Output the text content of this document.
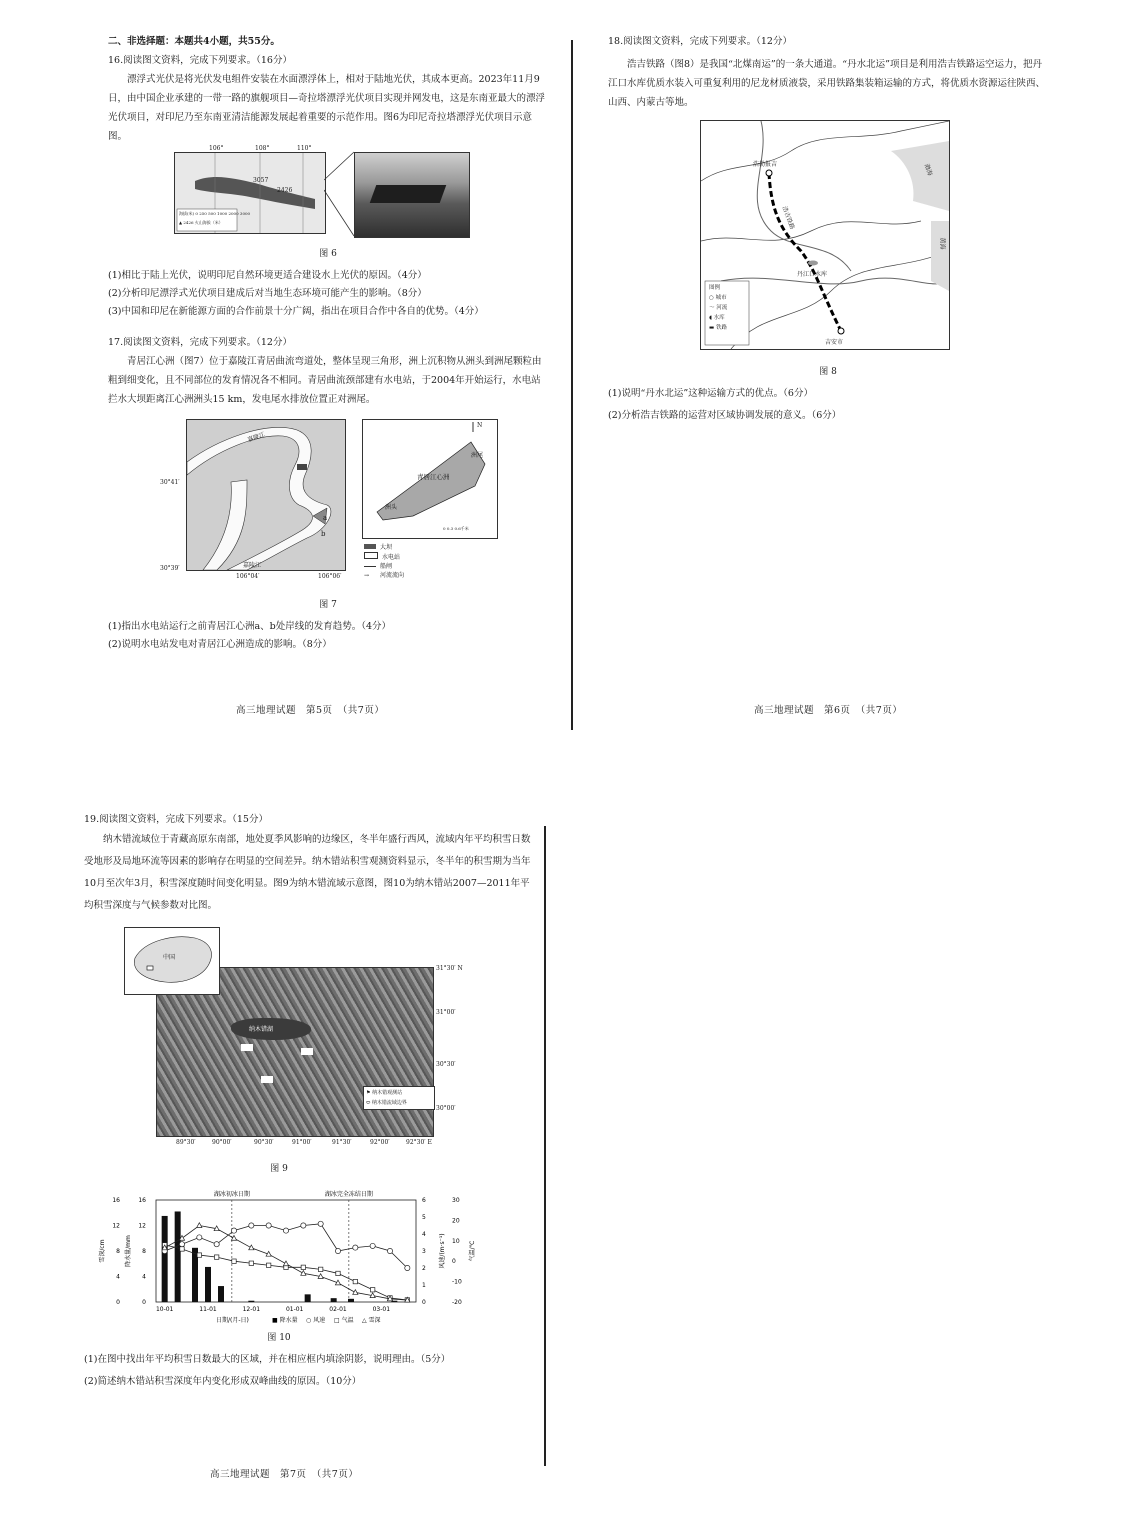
二、非选择题：本题共4小题，共55分。

16.阅读图文资料，完成下列要求。（16分）

漂浮式光伏是将光伏发电组件安装在水面漂浮体上，相对于陆地光伏，其成本更高。2023年11月9日，由中国企业承建的一带一路的旗舰项目—奇拉塔漂浮光伏项目实现并网发电，这是东南亚最大的漂浮光伏项目，对印尼乃至东南亚清洁能源发展起着重要的示范作用。图6为印尼奇拉塔漂浮光伏项目示意图。

106°	108°	110°
3057
2426
海拔(米) 0 250 500 1000 2000 3000
▲ 2426 火山海拔（米）

图 6

(1)相比于陆上光伏，说明印尼自然环境更适合建设水上光伏的原因。（4分）

(2)分析印尼漂浮式光伏项目建成后对当地生态环境可能产生的影响。（8分）

(3)中国和印尼在新能源方面的合作前景十分广阔，指出在项目合作中各自的优势。（4分）

17.阅读图文资料，完成下列要求。（12分）

青居江心洲（图7）位于嘉陵江青居曲流弯道处，整体呈现三角形，洲上沉积物从洲头到洲尾颗粒由粗到细变化，且不同部位的发育情况各不相同。青居曲流颈部建有水电站，于2004年开始运行，水电站拦水大坝距离江心洲洲头15 km，发电尾水排放位置正对洲尾。

嘉陵江
嘉陵江
a
b
30°41′
30°39′
106°04′	106°06′
青居江心洲
洲头
洲尾
N
0 0.3 0.6千米
大坝
水电站
船闸
→ 河流流向

图 7

(1)指出水电站运行之前青居江心洲a、b处岸线的发育趋势。（4分）

(2)说明水电站发电对青居江心洲造成的影响。（8分）

高三地理试题　第5页　（共7页）

18.阅读图文资料，完成下列要求。（12分）

浩吉铁路（图8）是我国“北煤南运”的一条大通道。“丹水北运”项目是利用浩吉铁路运空运力，把丹江口水库优质水装入可重复利用的尼龙材质液袋，采用铁路集装箱运输的方式，将优质水资源运往陕西、山西、内蒙古等地。

浩勒报吉
吉安市
丹江口水库
浩吉铁路
渤海
黄海
图例
○ 城市
～ 河流
◖ 水库
▬ 铁路

图 8

(1)说明“丹水北运”这种运输方式的优点。（6分）

(2)分析浩吉铁路的运营对区域协调发展的意义。（6分）

高三地理试题　第6页　（共7页）

19.阅读图文资料，完成下列要求。（15分）

纳木错流域位于青藏高原东南部，地处夏季风影响的边缘区，冬半年盛行西风，流域内年平均积雪日数受地形及局地环流等因素的影响存在明显的空间差异。纳木错站积雪观测资料显示，冬半年的积雪期为当年10月至次年3月，积雪深度随时间变化明显。图9为纳木错流域示意图，图10为纳木错站2007—2011年平均积雪深度与气候参数对比图。

纳木错湖
⚑ 纳木错观测站
⬭ 纳木错流域边界
中国
31°30′ N
31°00′
30°30′
30°00′
89°30′	90°00′	90°30′	91°00′	91°30′	92°00′	92°30′ E

图 9

0
4
8
12
16
雪深/cm
0
4
8
12
16
降水量/mm
0
1
2
3
4
5
6
风速/(m·s⁻¹)
-20
-10
0
10
20
30
气温/℃
10-01	11-01	12-01	01-01	02-01	03-01
日期/(月-日)
湖冰初冰日期	湖冰完全冻结日期
■ 降水量 ○ 风速 □ 气温 △ 雪深

图 10

(1)在图中找出年平均积雪日数最大的区域，并在相应框内填涂阴影，说明理由。（5分）

(2)简述纳木错站积雪深度年内变化形成双峰曲线的原因。（10分）

高三地理试题　第7页　（共7页）
